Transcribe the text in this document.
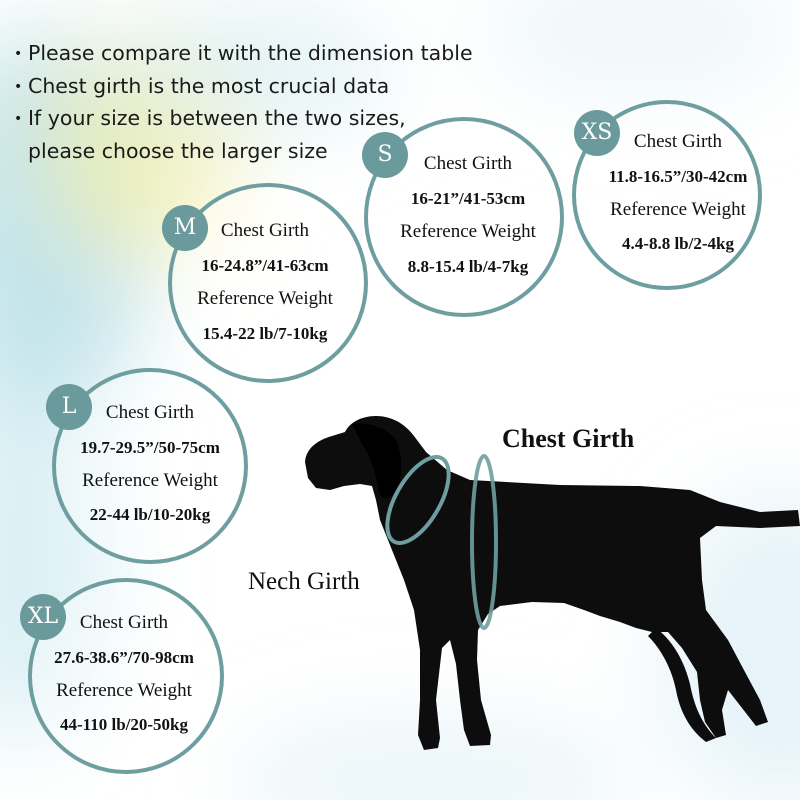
• Please compare it with the dimension table
• Chest girth is the most crucial data
• If your size is between the two sizes,
please choose the larger size
XS	Chest Girth
11.8-16.5”/30-42cm
Reference Weight
4.4-8.8 lb/2-4kg
S	Chest Girth
16-21”/41-53cm
Reference Weight
8.8-15.4 lb/4-7kg
M	Chest Girth
16-24.8”/41-63cm
Reference Weight
15.4-22 lb/7-10kg
L	Chest Girth
19.7-29.5”/50-75cm
Reference Weight
22-44 lb/10-20kg
XL	Chest Girth
27.6-38.6”/70-98cm
Reference Weight
44-110 lb/20-50kg
Chest Girth
Nech Girth
